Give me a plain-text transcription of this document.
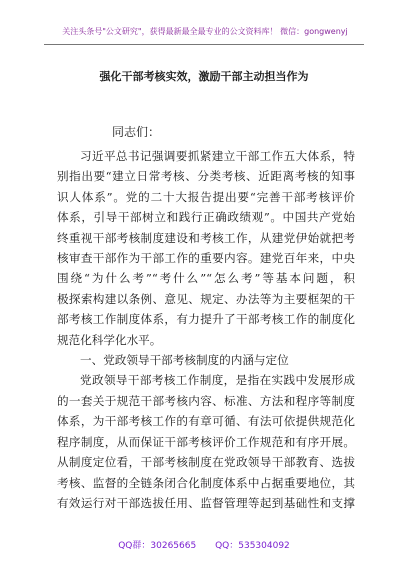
关注头条号"公文研究"，获得最新最全最专业的公文资料库！ 微信：gongwenyj
强化干部考核实效，激励干部主动担当作为
同志们：
习近平总书记强调要抓紧建立干部工作五大体系，特
别指出要“建立日常考核、分类考核、近距离考核的知事
识人体系”。党的二十大报告提出要“完善干部考核评价
体系，引导干部树立和践行正确政绩观”。中国共产党始
终重视干部考核制度建设和考核工作，从建党伊始就把考
核审查干部作为干部工作的重要内容。建党百年来，中央
围绕“为什么考”“考什么”“怎么考”等基本问题，积
极探索构建以条例、意见、规定、办法等为主要框架的干
部考核工作制度体系，有力提升了干部考核工作的制度化
规范化科学化水平。
一、党政领导干部考核制度的内涵与定位
党政领导干部考核工作制度，是指在实践中发展形成
的一套关于规范干部考核内容、标准、方法和程序等制度
体系，为干部考核工作的有章可循、有法可依提供规范化
程序制度，从而保证干部考核评价工作规范和有序开展。
从制度定位看，干部考核制度在党政领导干部教育、选拔
考核、监督的全链条闭合化制度体系中占据重要地位，其
有效运行对干部选拔任用、监督管理等起到基础性和支撑
QQ群：30265665 QQ：535304092
